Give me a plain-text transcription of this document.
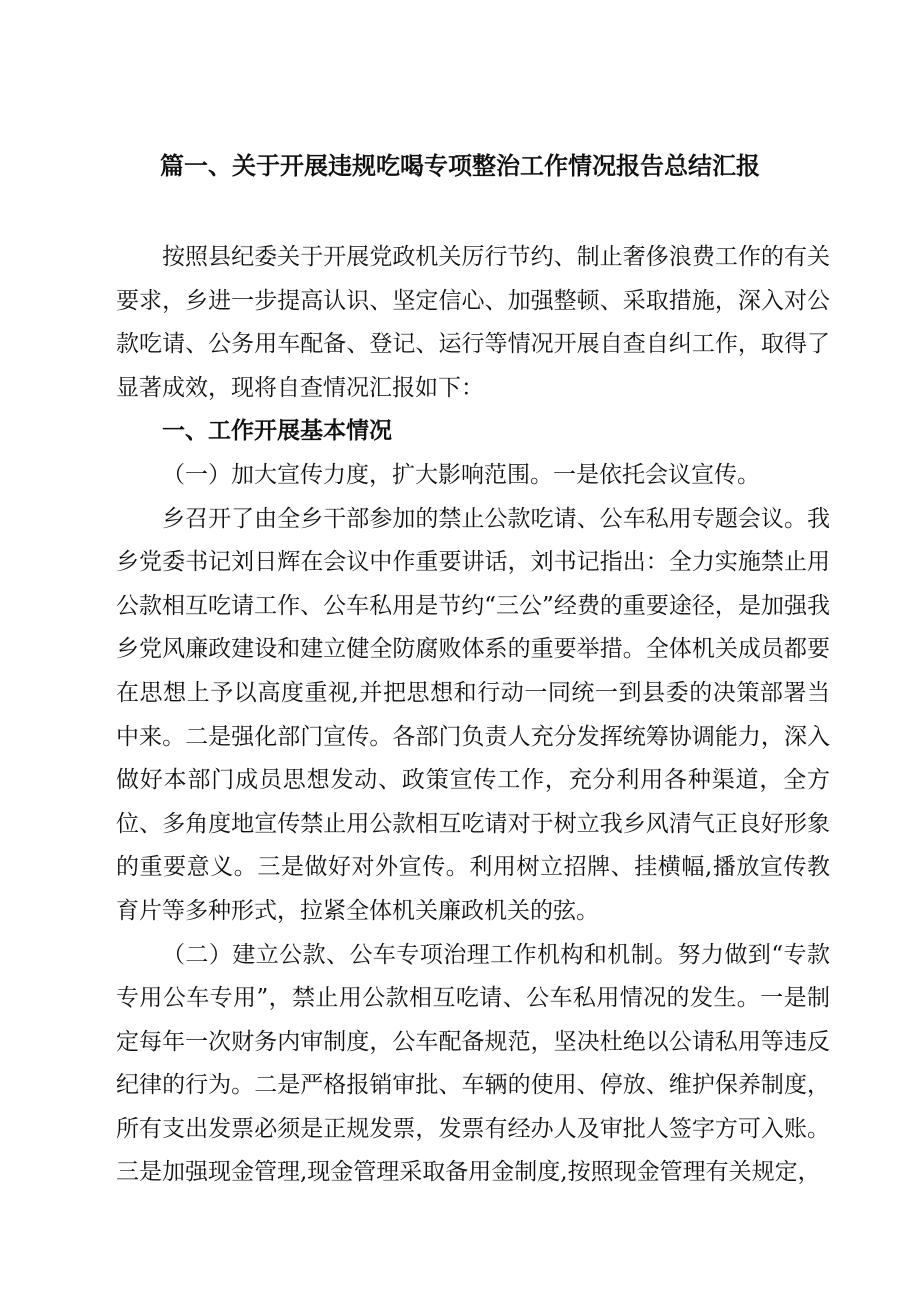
篇一、关于开展违规吃喝专项整治工作情况报告总结汇报

按照县纪委关于开展党政机关厉行节约、制止奢侈浪费工作的有关要求，乡进一步提高认识、坚定信心、加强整顿、采取措施，深入对公款吃请、公务用车配备、登记、运行等情况开展自查自纠工作，取得了显著成效，现将自查情况汇报如下：

一、工作开展基本情况

（一）加大宣传力度，扩大影响范围。一是依托会议宣传。

乡召开了由全乡干部参加的禁止公款吃请、公车私用专题会议。我乡党委书记刘日辉在会议中作重要讲话，刘书记指出：全力实施禁止用公款相互吃请工作、公车私用是节约“三公”经费的重要途径，是加强我乡党风廉政建设和建立健全防腐败体系的重要举措。全体机关成员都要在思想上予以高度重视,并把思想和行动一同统一到县委的决策部署当中来。二是强化部门宣传。各部门负责人充分发挥统筹协调能力，深入做好本部门成员思想发动、政策宣传工作，充分利用各种渠道，全方位、多角度地宣传禁止用公款相互吃请对于树立我乡风清气正良好形象的重要意义。三是做好对外宣传。利用树立招牌、挂横幅,播放宣传教育片等多种形式，拉紧全体机关廉政机关的弦。

（二）建立公款、公车专项治理工作机构和机制。努力做到“专款专用公车专用”，禁止用公款相互吃请、公车私用情况的发生。一是制定每年一次财务内审制度，公车配备规范，坚决杜绝以公请私用等违反纪律的行为。二是严格报销审批、车辆的使用、停放、维护保养制度，所有支出发票必须是正规发票，发票有经办人及审批人签字方可入账。三是加强现金管理,现金管理采取备用金制度,按照现金管理有关规定，
